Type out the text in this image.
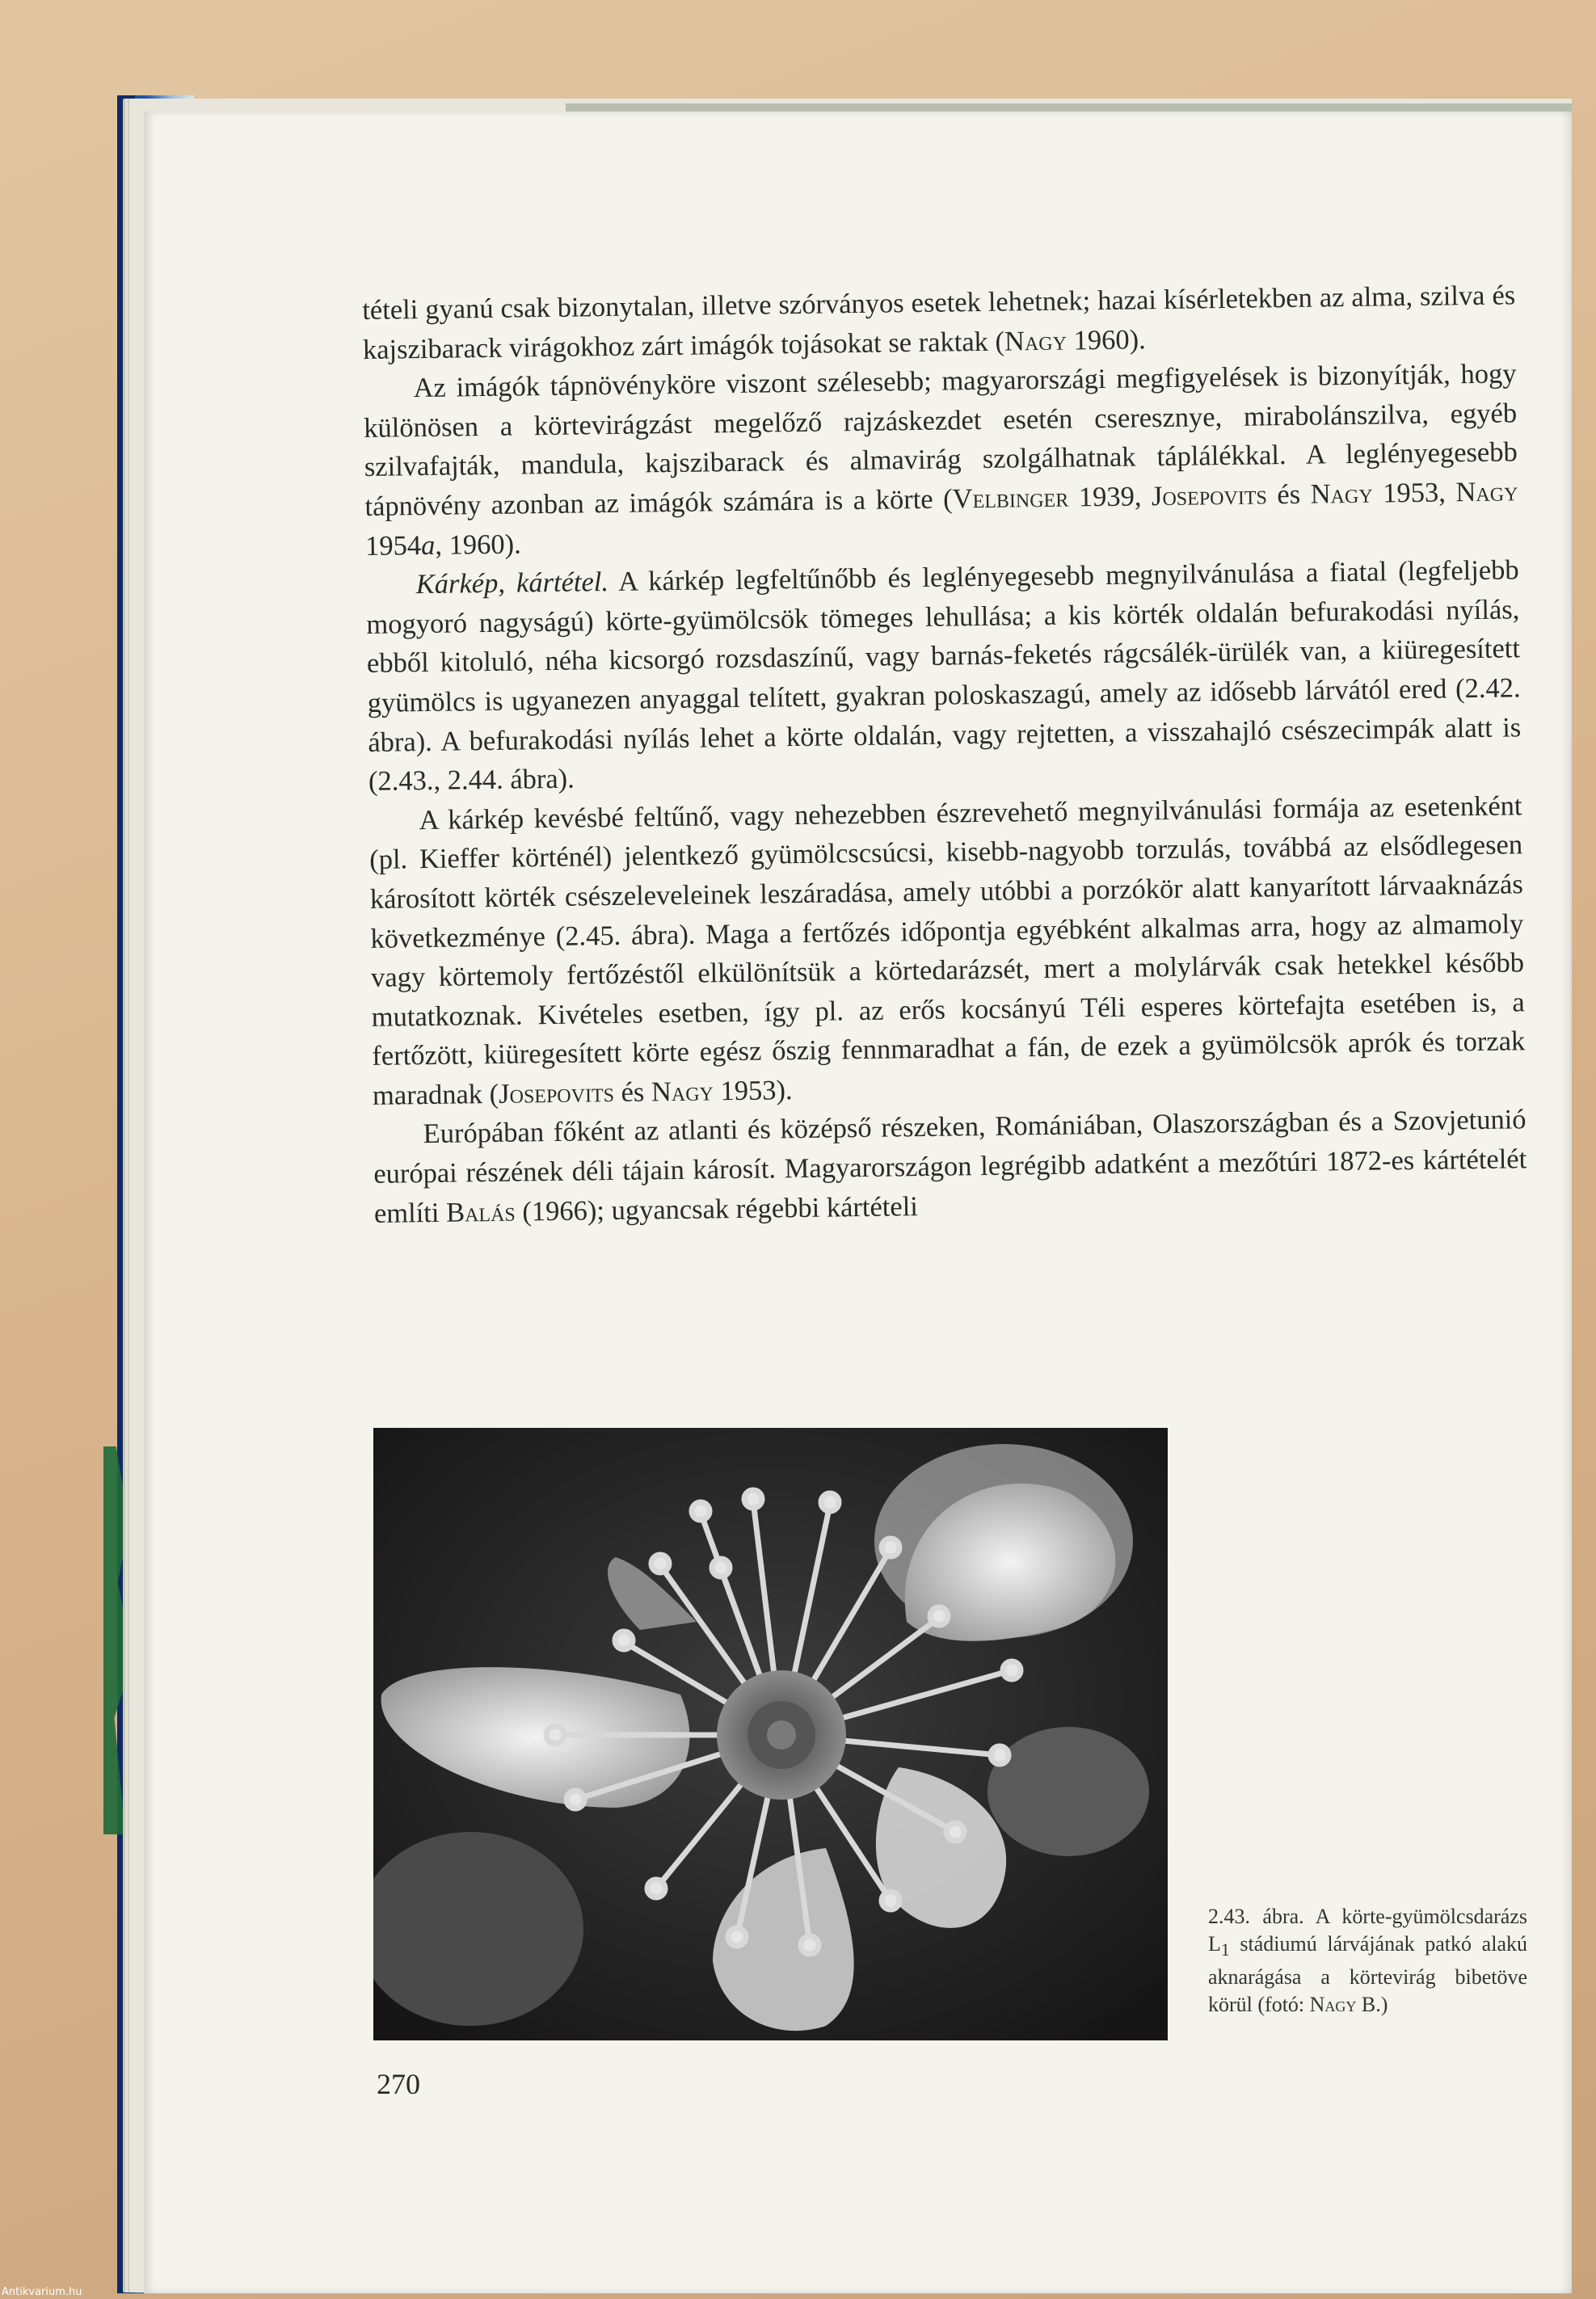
tételi gyanú csak bizonytalan, illetve szórványos esetek lehetnek; hazai kísérletekben az alma, szilva és kajszibarack virágokhoz zárt imágók tojásokat se raktak (Nagy 1960).

Az imágók tápnövényköre viszont szélesebb; magyarországi megfigyelések is bizonyítják, hogy különösen a körtevirágzást megelőző rajzáskezdet esetén cseresznye, mirabolánszilva, egyéb szilvafajták, mandula, kajszibarack és almavirág szolgálhatnak táplálékkal. A leglényegesebb tápnövény azonban az imágók számára is a körte (Velbinger 1939, Josepovits és Nagy 1953, Nagy 1954a, 1960).

Kárkép, kártétel. A kárkép legfeltűnőbb és leglényegesebb megnyilvánulása a fiatal (legfeljebb mogyoró nagyságú) körte-gyümölcsök tömeges lehullása; a kis körték oldalán befurakodási nyílás, ebből kitoluló, néha kicsorgó rozsdaszínű, vagy barnás-feketés rágcsálék-ürülék van, a kiüregesített gyümölcs is ugyanezen anyaggal telített, gyakran poloskaszagú, amely az idősebb lárvától ered (2.42. ábra). A befurakodási nyílás lehet a körte oldalán, vagy rejtetten, a visszahajló csészecimpák alatt is (2.43., 2.44. ábra).

A kárkép kevésbé feltűnő, vagy nehezebben észrevehető megnyilvánulási formája az esetenként (pl. Kieffer körténél) jelentkező gyümölcscsúcsi, kisebb-nagyobb torzulás, továbbá az elsődlegesen károsított körték csészeleveleinek leszáradása, amely utóbbi a porzókör alatt kanyarított lárvaaknázás következménye (2.45. ábra). Maga a fertőzés időpontja egyébként alkalmas arra, hogy az almamoly vagy körtemoly fertőzéstől elkülönítsük a körtedarázsét, mert a molylárvák csak hetekkel később mutatkoznak. Kivételes esetben, így pl. az erős kocsányú Téli esperes körtefajta esetében is, a fertőzött, kiüregesített körte egész őszig fennmaradhat a fán, de ezek a gyümölcsök aprók és torzak maradnak (Josepovits és Nagy 1953).

Európában főként az atlanti és középső részeken, Romániában, Olaszországban és a Szovjetunió európai részének déli tájain károsít. Magyarországon legrégibb adatként a mezőtúri 1872-es kártételét említi Balás (1966); ugyancsak régebbi kártételi

2.43. ábra. A körte-gyümölcsdarázs $L_1$ stádiumú lárvájának patkó alakú aknarágása a körtevirág bibetöve körül (fotó: Nagy B.)
270
Antikvarium.hu
